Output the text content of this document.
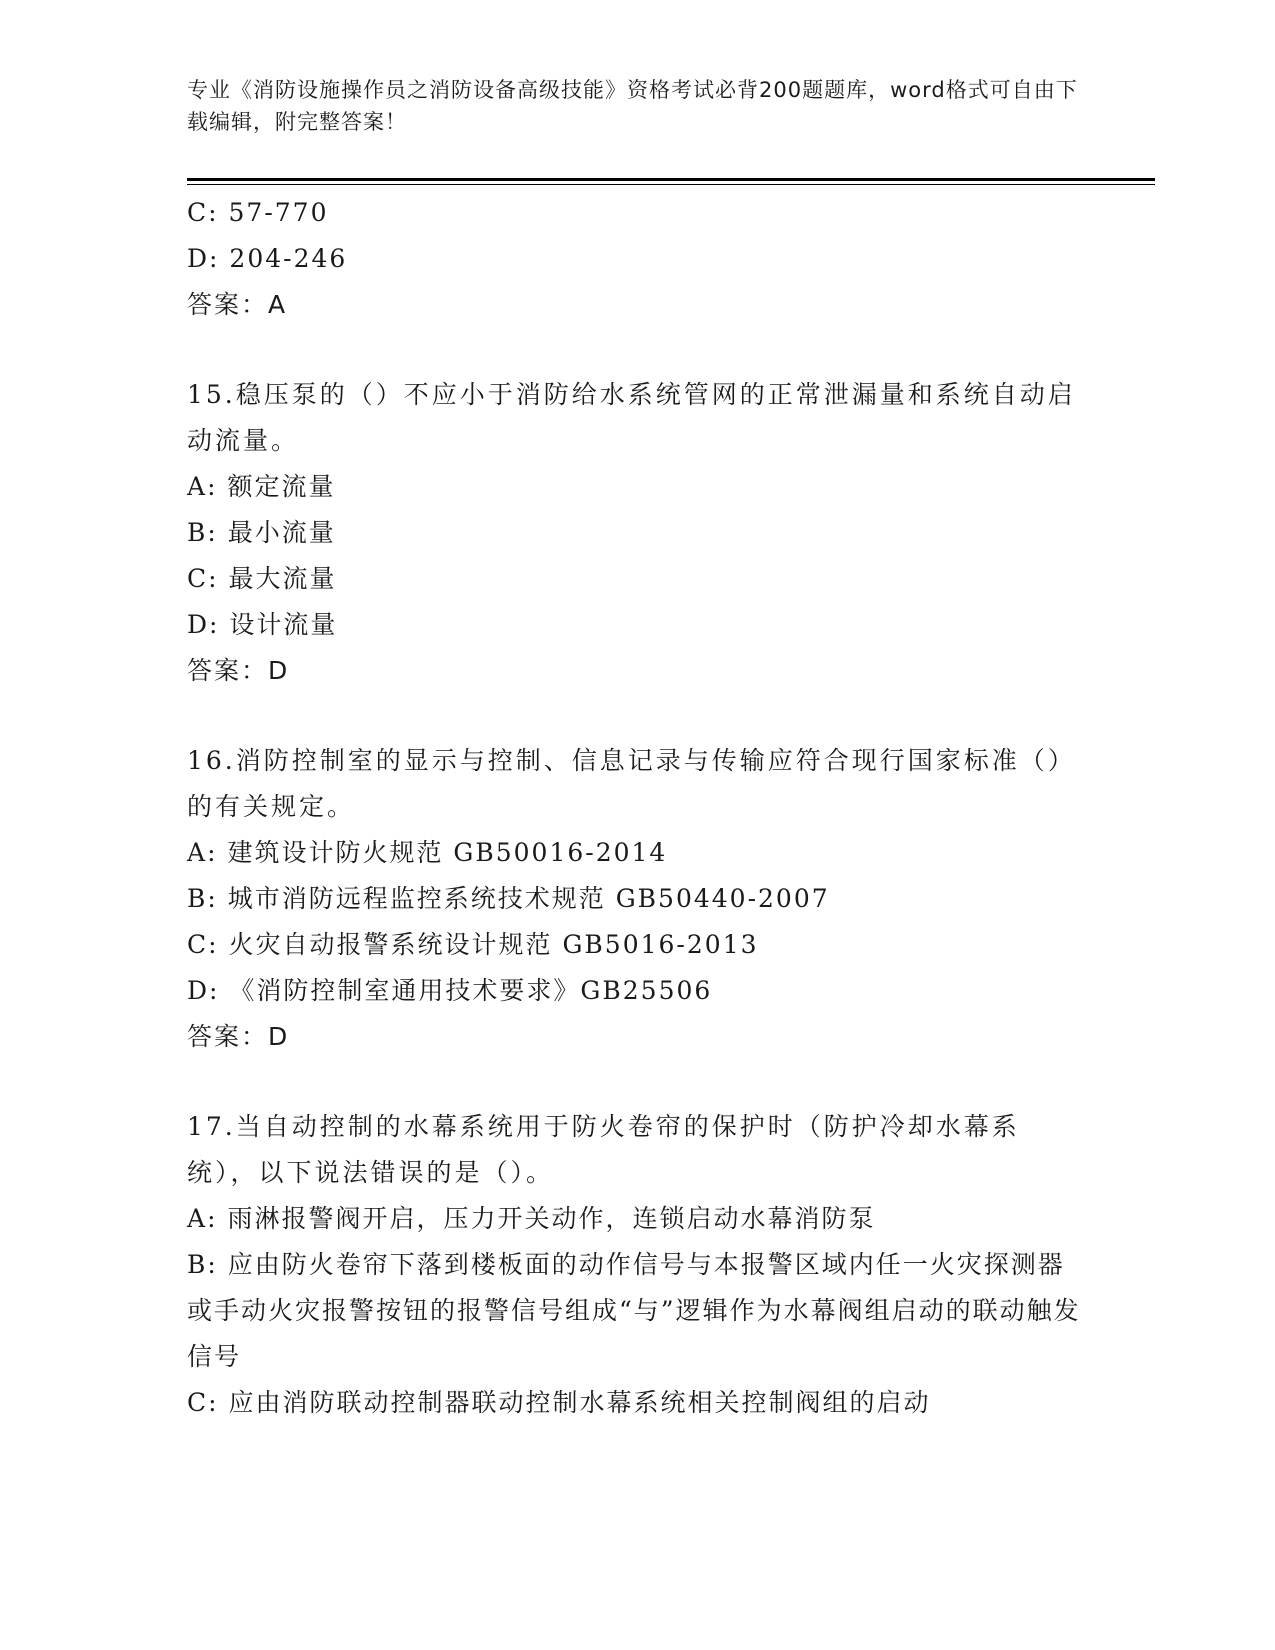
专业《消防设施操作员之消防设备高级技能》资格考试必背200题题库，word格式可自由下载编辑，附完整答案！
C: 57-770
D: 204-246
答案：A
15.稳压泵的（）不应小于消防给水系统管网的正常泄漏量和系统自动启动流量。
A: 额定流量
B: 最小流量
C: 最大流量
D: 设计流量
答案：D
16.消防控制室的显示与控制、信息记录与传输应符合现行国家标准（）的有关规定。
A: 建筑设计防火规范 GB50016-2014
B: 城市消防远程监控系统技术规范 GB50440-2007
C: 火灾自动报警系统设计规范 GB5016-2013
D: 《消防控制室通用技术要求》GB25506
答案：D
17.当自动控制的水幕系统用于防火卷帘的保护时（防护冷却水幕系统），以下说法错误的是（）。
A: 雨淋报警阀开启，压力开关动作，连锁启动水幕消防泵
B: 应由防火卷帘下落到楼板面的动作信号与本报警区域内任一火灾探测器或手动火灾报警按钮的报警信号组成“与”逻辑作为水幕阀组启动的联动触发信号
C: 应由消防联动控制器联动控制水幕系统相关控制阀组的启动
